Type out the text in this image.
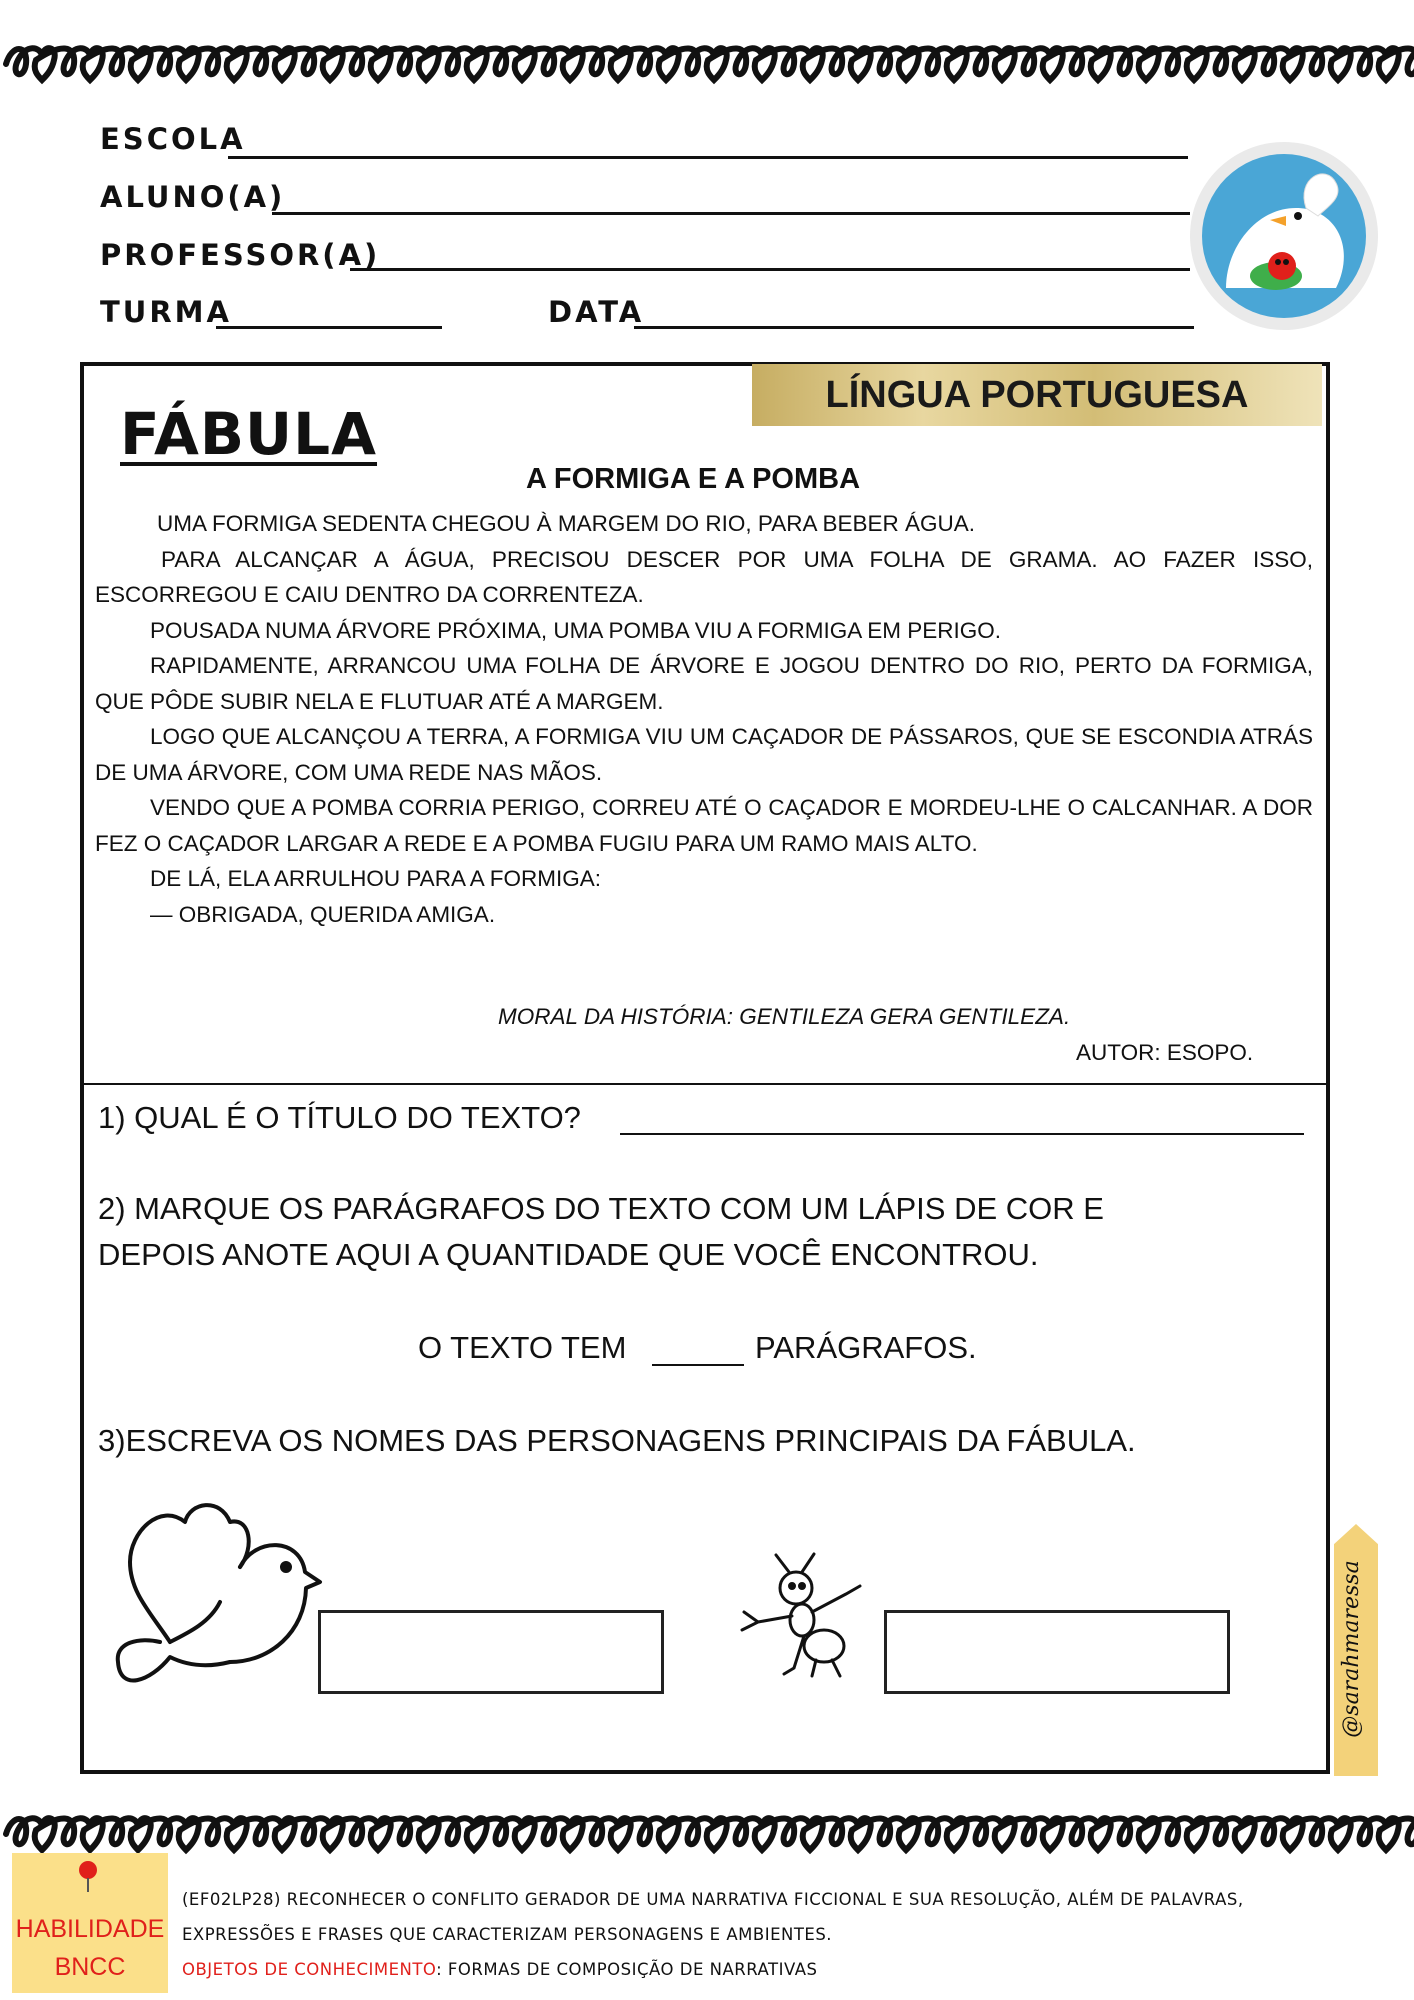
ESCOLA
ALUNO(A)
PROFESSOR(A)
TURMA	DATA
LÍNGUA PORTUGUESA
FÁBULA
A FORMIGA E A POMBA

UMA FORMIGA SEDENTA CHEGOU À MARGEM DO RIO, PARA BEBER ÁGUA.

PARA ALCANÇAR A ÁGUA, PRECISOU DESCER POR UMA FOLHA DE GRAMA. AO FAZER ISSO, ESCORREGOU E CAIU DENTRO DA CORRENTEZA.

POUSADA NUMA ÁRVORE PRÓXIMA, UMA POMBA VIU A FORMIGA EM PERIGO.

RAPIDAMENTE, ARRANCOU UMA FOLHA DE ÁRVORE E JOGOU DENTRO DO RIO, PERTO DA FORMIGA, QUE PÔDE SUBIR NELA E FLUTUAR ATÉ A MARGEM.

LOGO QUE ALCANÇOU A TERRA, A FORMIGA VIU UM CAÇADOR DE PÁSSAROS, QUE SE ESCONDIA ATRÁS DE UMA ÁRVORE, COM UMA REDE NAS MÃOS.

VENDO QUE A POMBA CORRIA PERIGO, CORREU ATÉ O CAÇADOR E MORDEU-LHE O CALCANHAR. A DOR FEZ O CAÇADOR LARGAR A REDE E A POMBA FUGIU PARA UM RAMO MAIS ALTO.

DE LÁ, ELA ARRULHOU PARA A FORMIGA:

— OBRIGADA, QUERIDA AMIGA.

MORAL DA HISTÓRIA: GENTILEZA GERA GENTILEZA.
AUTOR: ESOPO.
1) QUAL É O TÍTULO DO TEXTO?
2) MARQUE OS PARÁGRAFOS DO TEXTO COM UM LÁPIS DE COR E
DEPOIS ANOTE AQUI A QUANTIDADE QUE VOCÊ ENCONTROU.
O TEXTO TEM	PARÁGRAFOS.
3)ESCREVA OS NOMES DAS PERSONAGENS PRINCIPAIS DA FÁBULA.
@sarahmaressa
HABILIDADE
BNCC
(EF02LP28) RECONHECER O CONFLITO GERADOR DE UMA NARRATIVA FICCIONAL E SUA RESOLUÇÃO, ALÉM DE PALAVRAS,
EXPRESSÕES E FRASES QUE CARACTERIZAM PERSONAGENS E AMBIENTES.
OBJETOS DE CONHECIMENTO: FORMAS DE COMPOSIÇÃO DE NARRATIVAS
